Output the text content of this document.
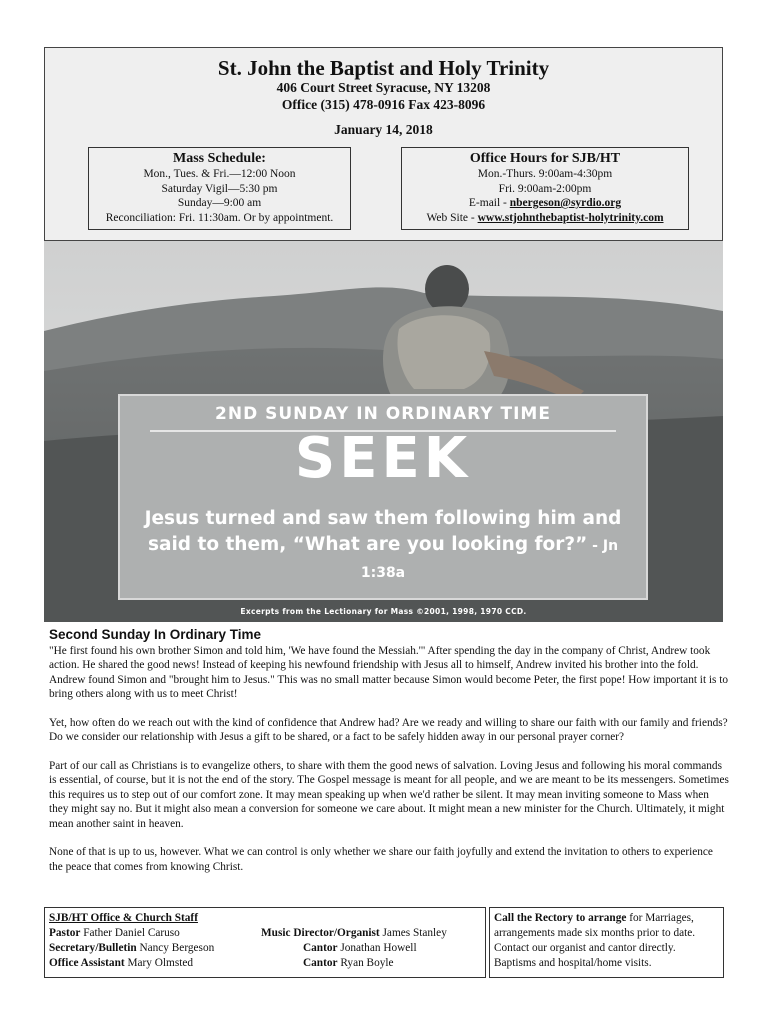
St. John the Baptist and Holy Trinity
406 Court Street Syracuse, NY 13208
Office (315) 478-0916 Fax 423-8096
January 14, 2018
Mass Schedule:
Mon., Tues. & Fri.—12:00 Noon
Saturday Vigil—5:30 pm
Sunday—9:00 am
Reconciliation: Fri. 11:30am. Or by appointment.
Office Hours for SJB/HT
Mon.-Thurs. 9:00am-4:30pm
Fri. 9:00am-2:00pm
E-mail - nbergeson@syrdio.org
Web Site - www.stjohnthebaptist-holytrinity.com
2ND SUNDAY IN ORDINARY TIME
SEEK
Jesus turned and saw them following him and said to them, “What are you looking for?” - Jn 1:38a
Excerpts from the Lectionary for Mass ©2001, 1998, 1970 CCD.
Second Sunday In Ordinary Time

"He first found his own brother Simon and told him, 'We have found the Messiah.'" After spending the day in the company of Christ, Andrew took action. He shared the good news! Instead of keeping his newfound friendship with Jesus all to himself, Andrew invited his brother into the fold. Andrew found Simon and "brought him to Jesus." This was no small matter because Simon would become Peter, the first pope! How important it is to bring others along with us to meet Christ!

Yet, how often do we reach out with the kind of confidence that Andrew had? Are we ready and willing to share our faith with our family and friends? Do we consider our relationship with Jesus a gift to be shared, or a fact to be safely hidden away in our personal prayer corner?

Part of our call as Christians is to evangelize others, to share with them the good news of salvation. Loving Jesus and following his moral commands is essential, of course, but it is not the end of the story. The Gospel message is meant for all people, and we are meant to be its messengers. Sometimes this requires us to step out of our comfort zone. It may mean speaking up when we'd rather be silent. It may mean inviting someone to Mass when they might say no. But it might also mean a conversion for someone we care about. It might mean a new minister for the Church. Ultimately, it might mean another saint in heaven.

None of that is up to us, however. What we can control is only whether we share our faith joyfully and extend the invitation to others to experience the peace that comes from knowing Christ.

SJB/HT Office & Church Staff
Pastor Father Daniel Caruso
Secretary/Bulletin Nancy Bergeson
Office Assistant Mary Olmsted
Music Director/Organist James Stanley
Cantor Jonathan Howell
Cantor Ryan Boyle
Call the Rectory to arrange for Marriages,
arrangements made six months prior to date.
Contact our organist and cantor directly.
Baptisms and hospital/home visits.
